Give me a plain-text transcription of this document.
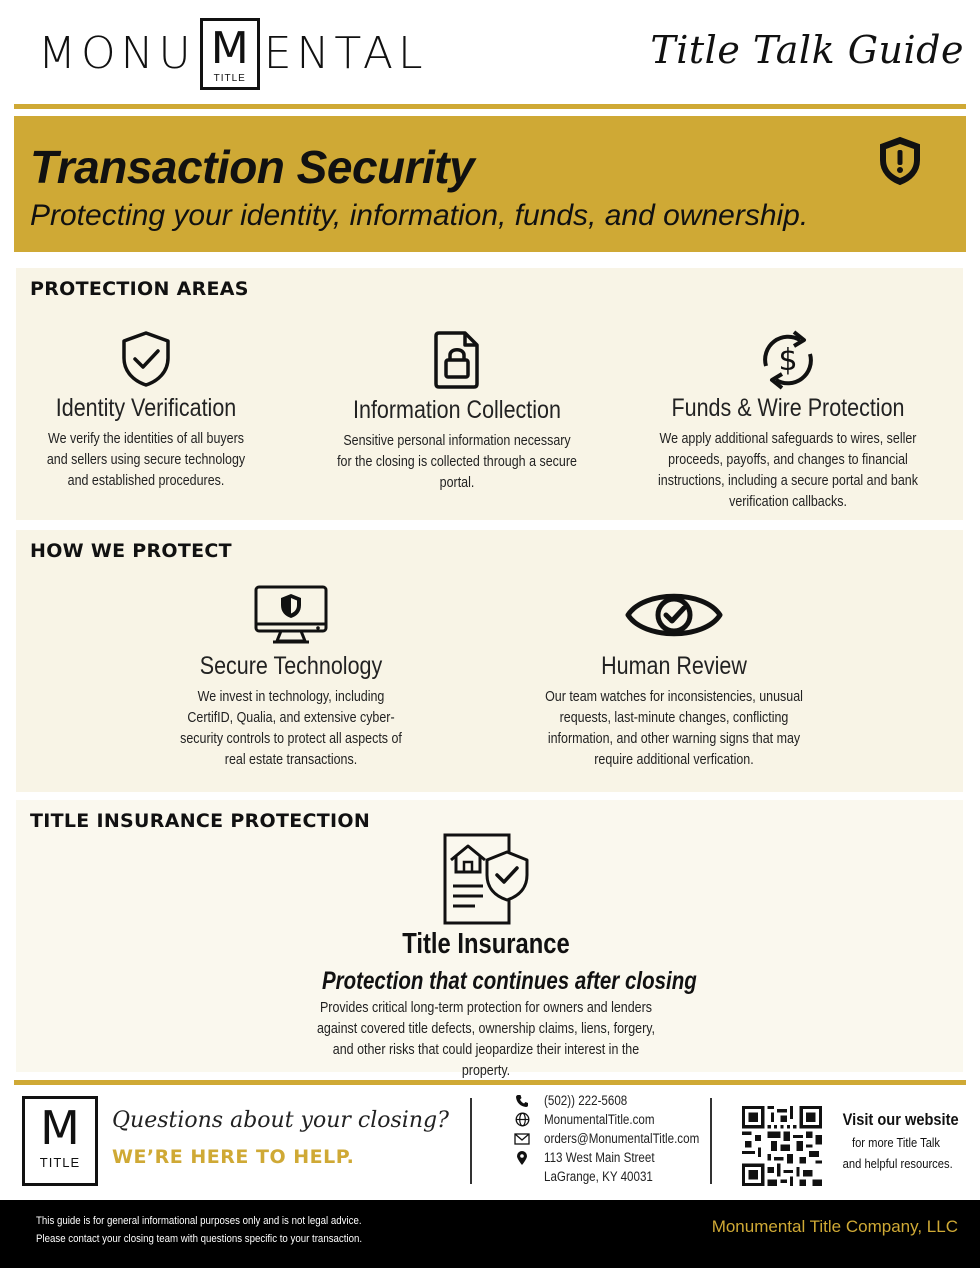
MONU M
TITLE ENTAL	Title Talk Guide
Transaction Security
Protecting your identity, information, funds, and ownership.
PROTECTION AREAS
Identity Verification
We verify the identities of all buyers and sellers using secure technology and established procedures.
Information Collection
Sensitive personal information necessary for the closing is collected through a secure portal.
$
Funds & Wire Protection
We apply additional safeguards to wires, seller proceeds, payoffs, and changes to financial instructions, including a secure portal and bank verification callbacks.
HOW WE PROTECT
Secure Technology
We invest in technology, including CertifID, Qualia, and extensive cyber-security controls to protect all aspects of real estate transactions.
Human Review
Our team watches for inconsistencies, unusual requests, last-minute changes, conflicting information, and other warning signs that may require additional verfication.
TITLE INSURANCE PROTECTION
Title Insurance
Protection that continues after closing
Provides critical long-term protection for owners and lenders against covered title defects, ownership claims, liens, forgery, and other risks that could jeopardize their interest in the property.
M
TITLE
Questions about your closing?
WE’RE HERE TO HELP.
(502)) 222-5608
MonumentalTitle.com
orders@MonumentalTitle.com
113 West Main Street
LaGrange, KY 40031
Visit our website
for more Title Talk
and helpful resources.
This guide is for general informational purposes only and is not legal advice.
Please contact your closing team with questions specific to your transaction.
Monumental Title Company, LLC
